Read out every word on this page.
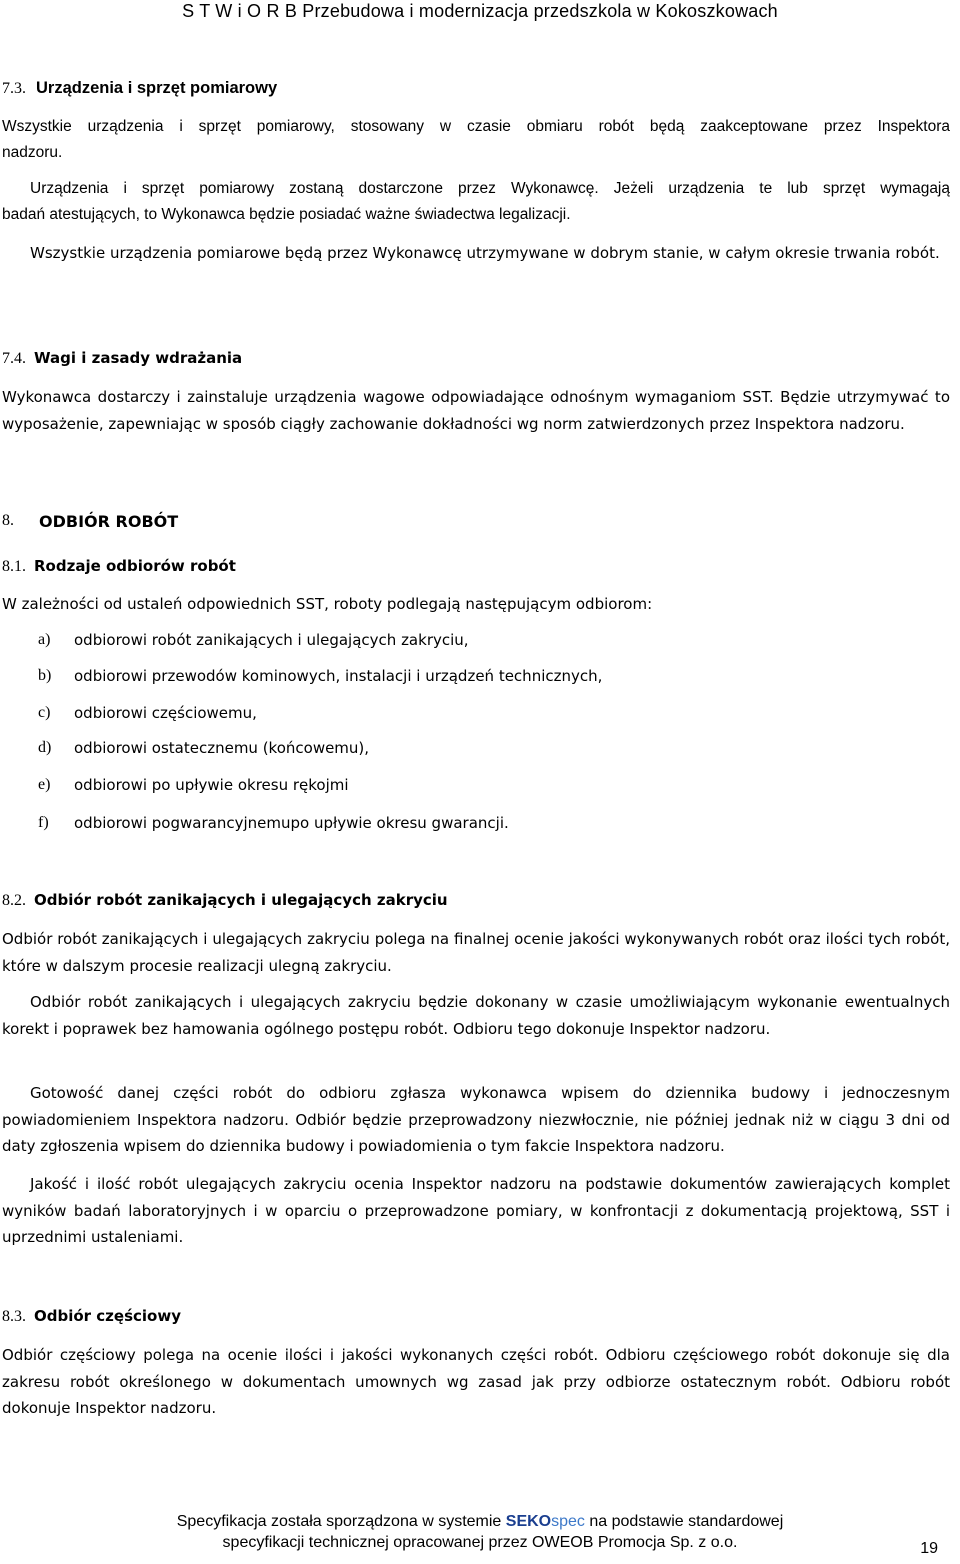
S T W i O R B Przebudowa i modernizacja przedszkola w Kokoszkowach
7.3. Urządzenia i sprzęt pomiarowy
Wszystkie urządzenia i sprzęt pomiarowy, stosowany w czasie obmiaru robót będą zaakceptowane przez Inspektora
nadzoru.
Urządzenia i sprzęt pomiarowy zostaną dostarczone przez Wykonawcę. Jeżeli urządzenia te lub sprzęt wymagają
badań atestujących, to Wykonawca będzie posiadać ważne świadectwa legalizacji.
Wszystkie urządzenia pomiarowe będą przez Wykonawcę utrzymywane w dobrym stanie, w całym okresie trwania robót.
7.4. Wagi i zasady wdrażania
Wykonawca dostarczy i zainstaluje urządzenia wagowe odpowiadające odnośnym wymaganiom SST. Będzie utrzymywać to wyposażenie, zapewniając w sposób ciągły zachowanie dokładności wg norm zatwierdzonych przez Inspektora nadzoru.
8. ODBIÓR ROBÓT
8.1. Rodzaje odbiorów robót
W zależności od ustaleń odpowiednich SST, roboty podlegają następującym odbiorom:
a)	odbiorowi robót zanikających i ulegających zakryciu,
b)	odbiorowi przewodów kominowych, instalacji i urządzeń technicznych,
c)	odbiorowi częściowemu,
d)	odbiorowi ostatecznemu (końcowemu),
e)	odbiorowi po upływie okresu rękojmi
f)	odbiorowi pogwarancyjnemupo upływie okresu gwarancji.
8.2. Odbiór robót zanikających i ulegających zakryciu
Odbiór robót zanikających i ulegających zakryciu polega na finalnej ocenie jakości wykonywanych robót oraz ilości tych robót, które w dalszym procesie realizacji ulegną zakryciu.
Odbiór robót zanikających i ulegających zakryciu będzie dokonany w czasie umożliwiającym wykonanie ewentualnych korekt i poprawek bez hamowania ogólnego postępu robót. Odbioru tego dokonuje Inspektor nadzoru.
Gotowość danej części robót do odbioru zgłasza wykonawca wpisem do dziennika budowy i jednoczesnym powiadomieniem Inspektora nadzoru. Odbiór będzie przeprowadzony niezwłocznie, nie później jednak niż w ciągu 3 dni od daty zgłoszenia wpisem do dziennika budowy i powiadomienia o tym fakcie Inspektora nadzoru.
Jakość i ilość robót ulegających zakryciu ocenia Inspektor nadzoru na podstawie dokumentów zawierających komplet wyników badań laboratoryjnych i w oparciu o przeprowadzone pomiary, w konfrontacji z dokumentacją projektową, SST i uprzednimi ustaleniami.
8.3. Odbiór częściowy
Odbiór częściowy polega na ocenie ilości i jakości wykonanych części robót. Odbioru częściowego robót dokonuje się dla zakresu robót określonego w dokumentach umownych wg zasad jak przy odbiorze ostatecznym robót. Odbioru robót dokonuje Inspektor nadzoru.
Specyfikacja została sporządzona w systemie SEKOspec na podstawie standardowej
specyfikacji technicznej opracowanej przez OWEOB Promocja Sp. z o.o.	19
